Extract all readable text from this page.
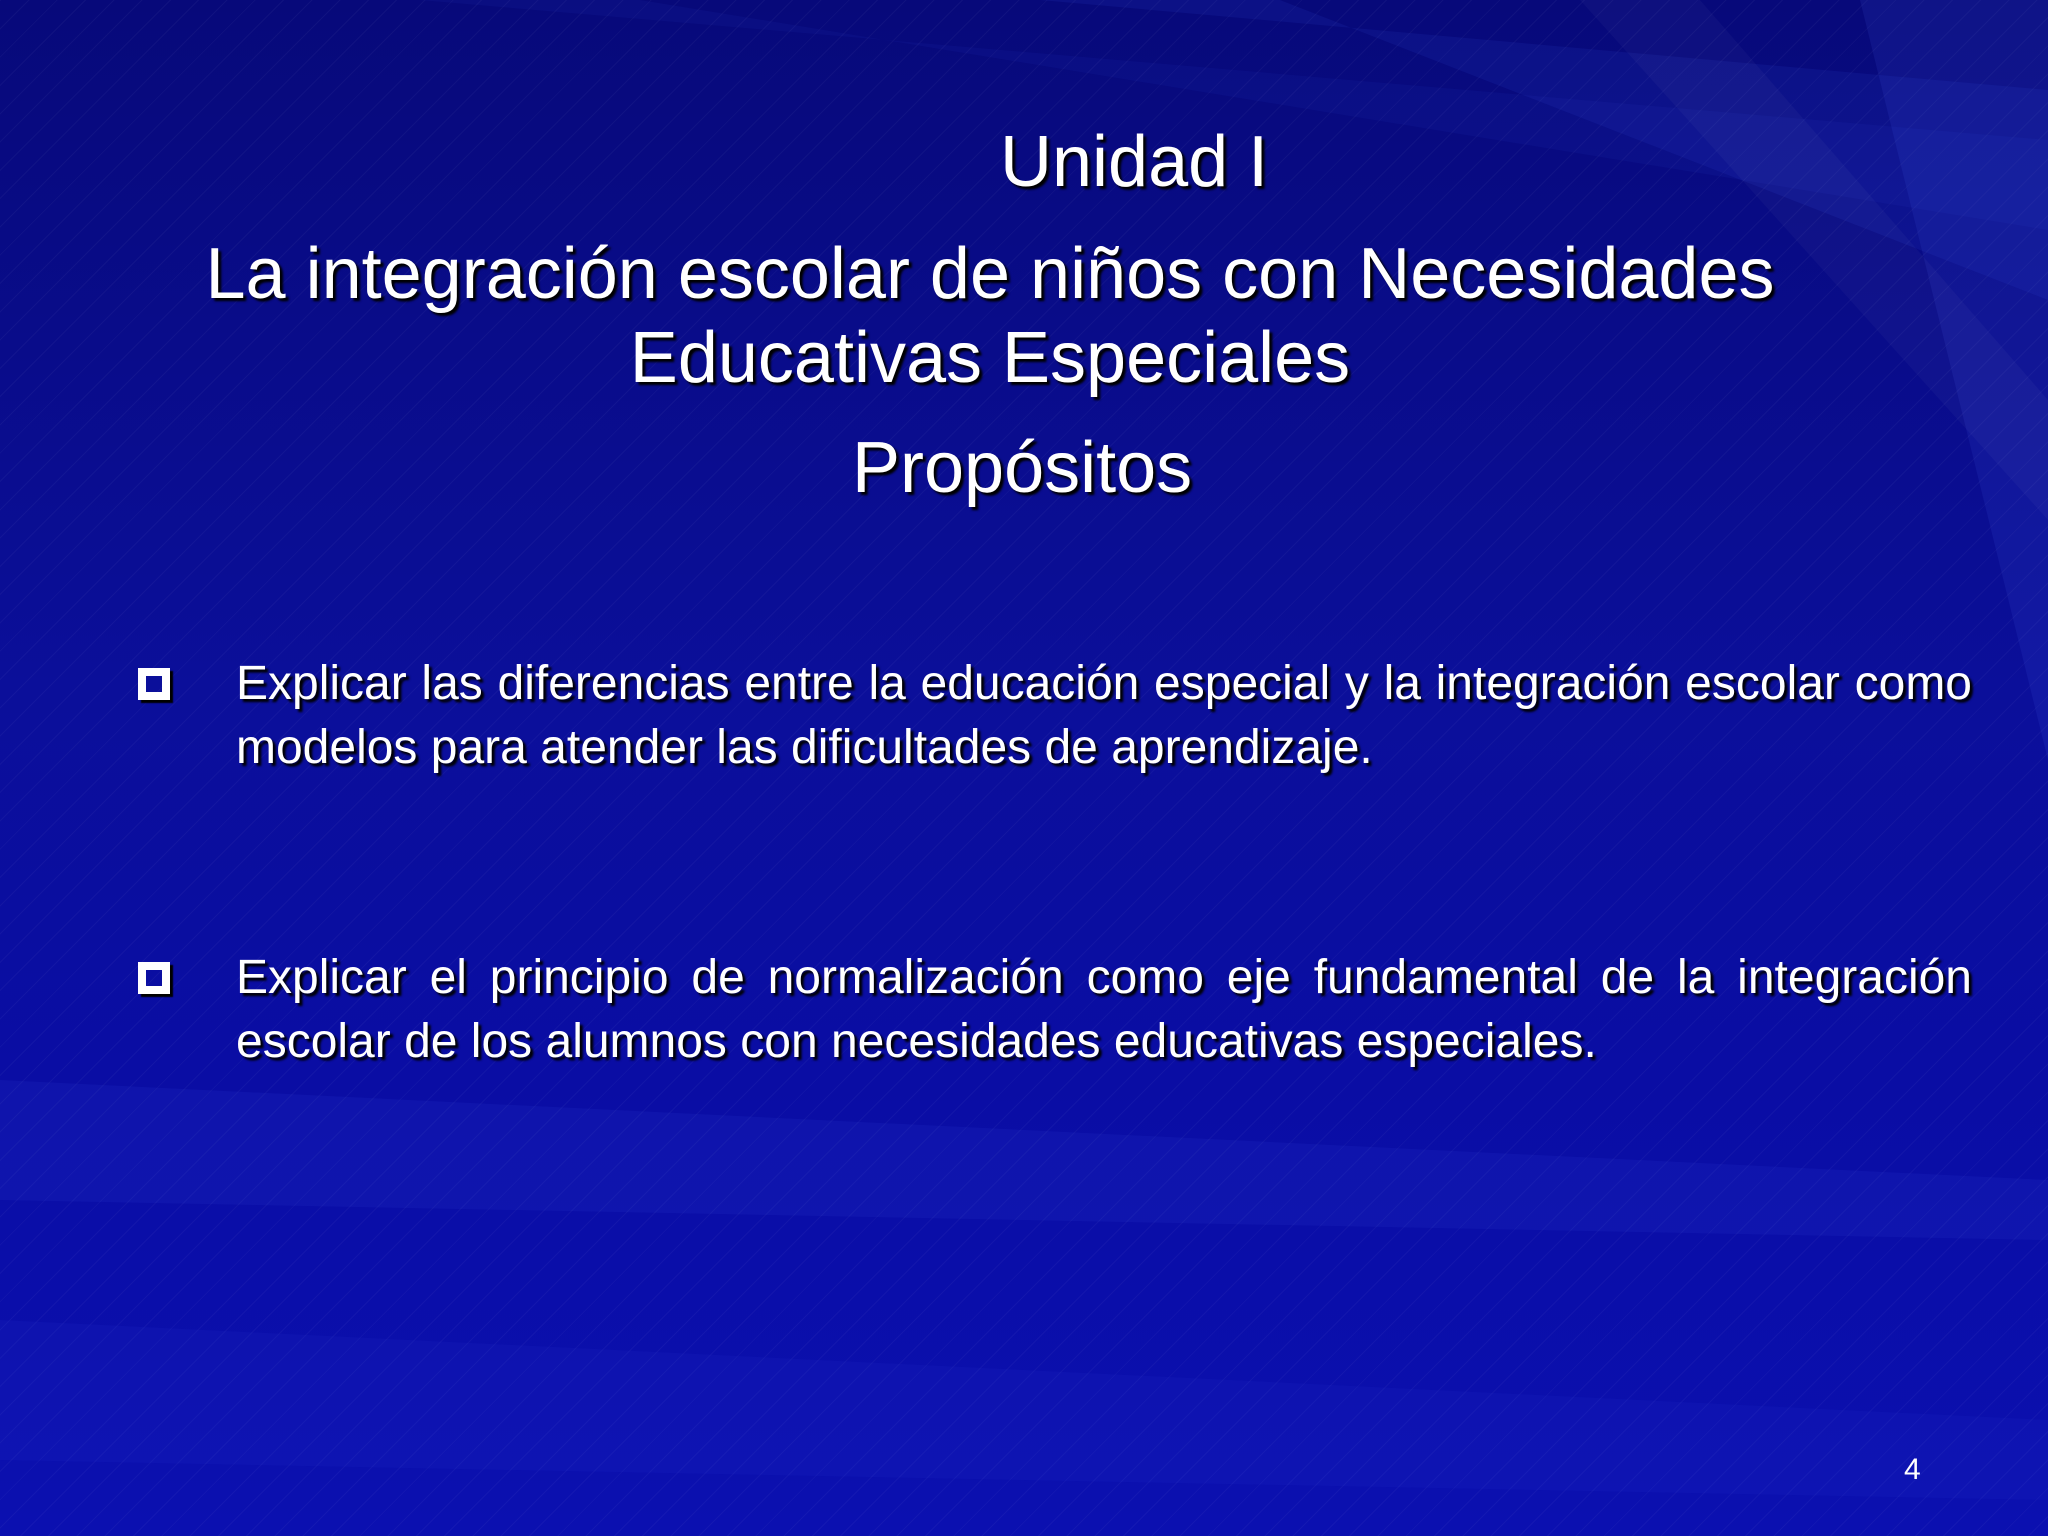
Unidad I
La integración escolar de niños con Necesidades Educativas Especiales
Propósitos
Explicar las diferencias entre la educación especial y la integración escolar como modelos para atender las dificultades de aprendizaje.
Explicar el principio de normalización como eje fundamental de la integración escolar de los alumnos con necesidades educativas especiales.
4
